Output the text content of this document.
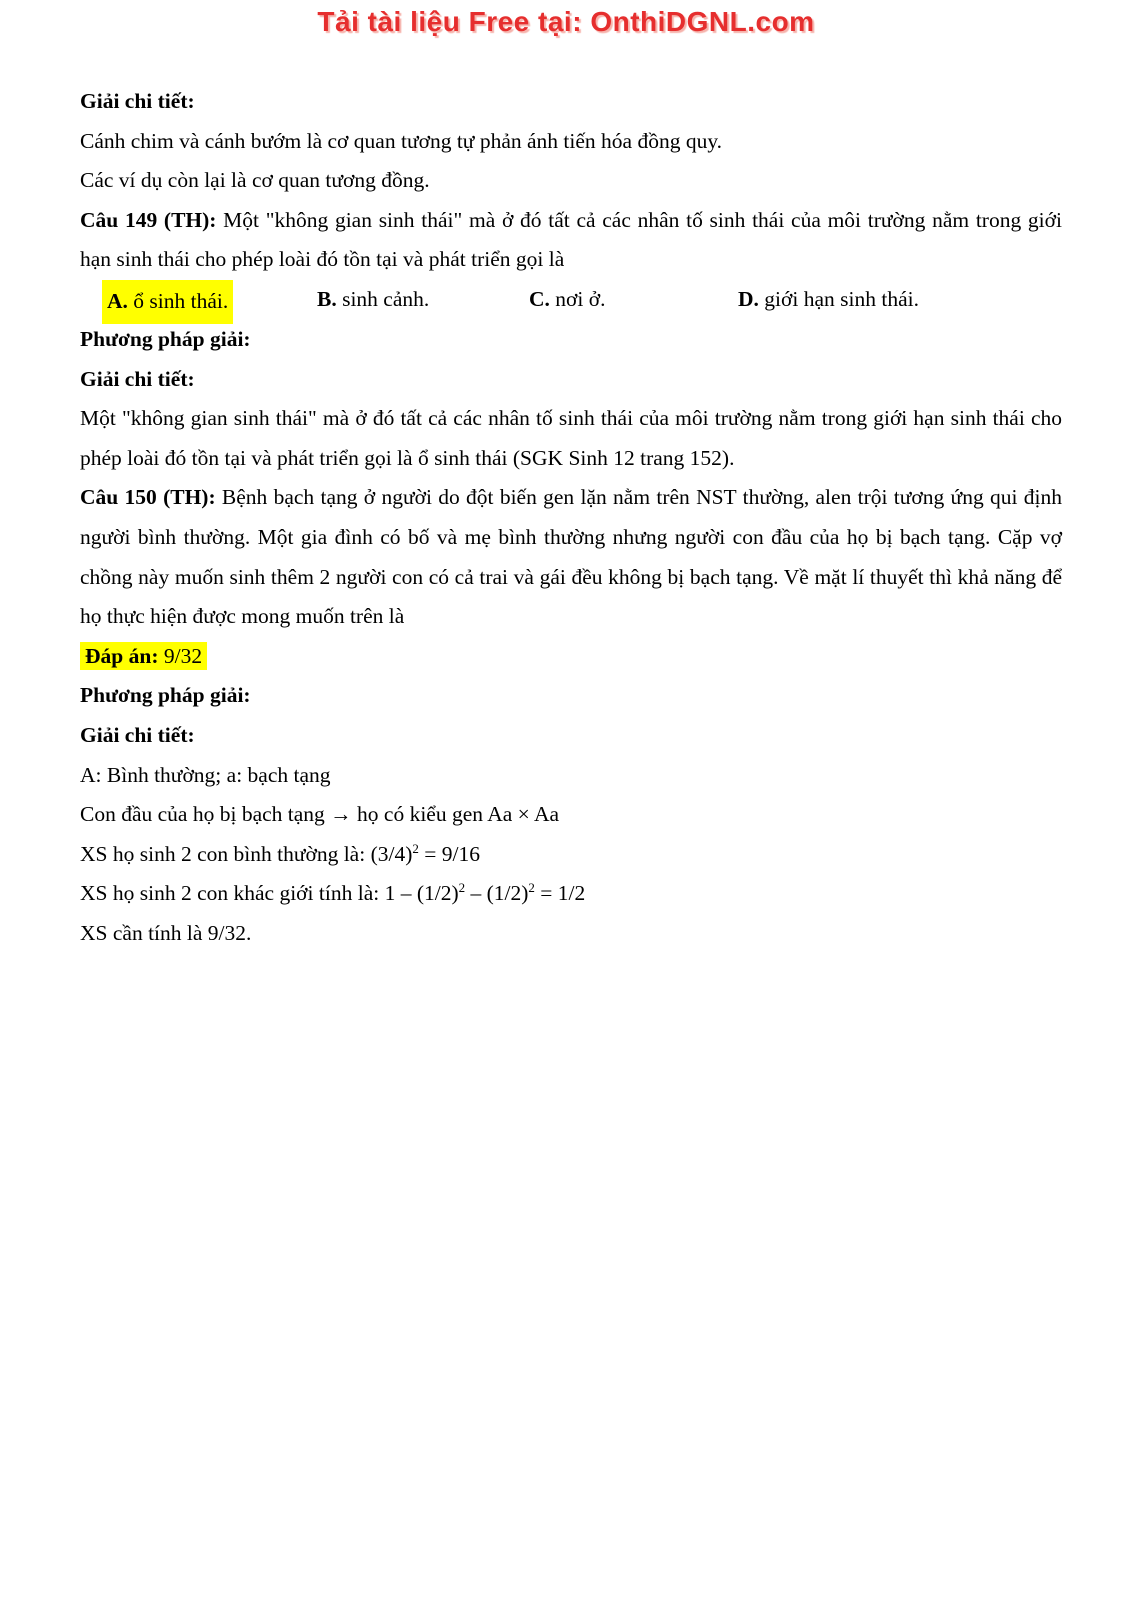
Tải tài liệu Free tại: OnthiDGNL.com

Giải chi tiết:

Cánh chim và cánh bướm là cơ quan tương tự phản ánh tiến hóa đồng quy.

Các ví dụ còn lại là cơ quan tương đồng.

Câu 149 (TH): Một "không gian sinh thái" mà ở đó tất cả các nhân tố sinh thái của môi trường nằm trong giới hạn sinh thái cho phép loài đó tồn tại và phát triển gọi là

A. ổ sinh thái.	B. sinh cảnh.	C. nơi ở.	D. giới hạn sinh thái.

Phương pháp giải:

Giải chi tiết:

Một "không gian sinh thái" mà ở đó tất cả các nhân tố sinh thái của môi trường nằm trong giới hạn sinh thái cho phép loài đó tồn tại và phát triển gọi là ổ sinh thái (SGK Sinh 12 trang 152).

Câu 150 (TH): Bệnh bạch tạng ở người do đột biến gen lặn nằm trên NST thường, alen trội tương ứng qui định người bình thường. Một gia đình có bố và mẹ bình thường nhưng người con đầu của họ bị bạch tạng. Cặp vợ chồng này muốn sinh thêm 2 người con có cả trai và gái đều không bị bạch tạng. Về mặt lí thuyết thì khả năng để họ thực hiện được mong muốn trên là

Đáp án: 9/32

Phương pháp giải:

Giải chi tiết:

A: Bình thường; a: bạch tạng

Con đầu của họ bị bạch tạng → họ có kiểu gen Aa × Aa

XS họ sinh 2 con bình thường là: $(3/4)^2 = 9/16$

XS họ sinh 2 con khác giới tính là: $1 - (1/2)^2 - (1/2)^2 = 1/2$

XS cần tính là 9/32.
